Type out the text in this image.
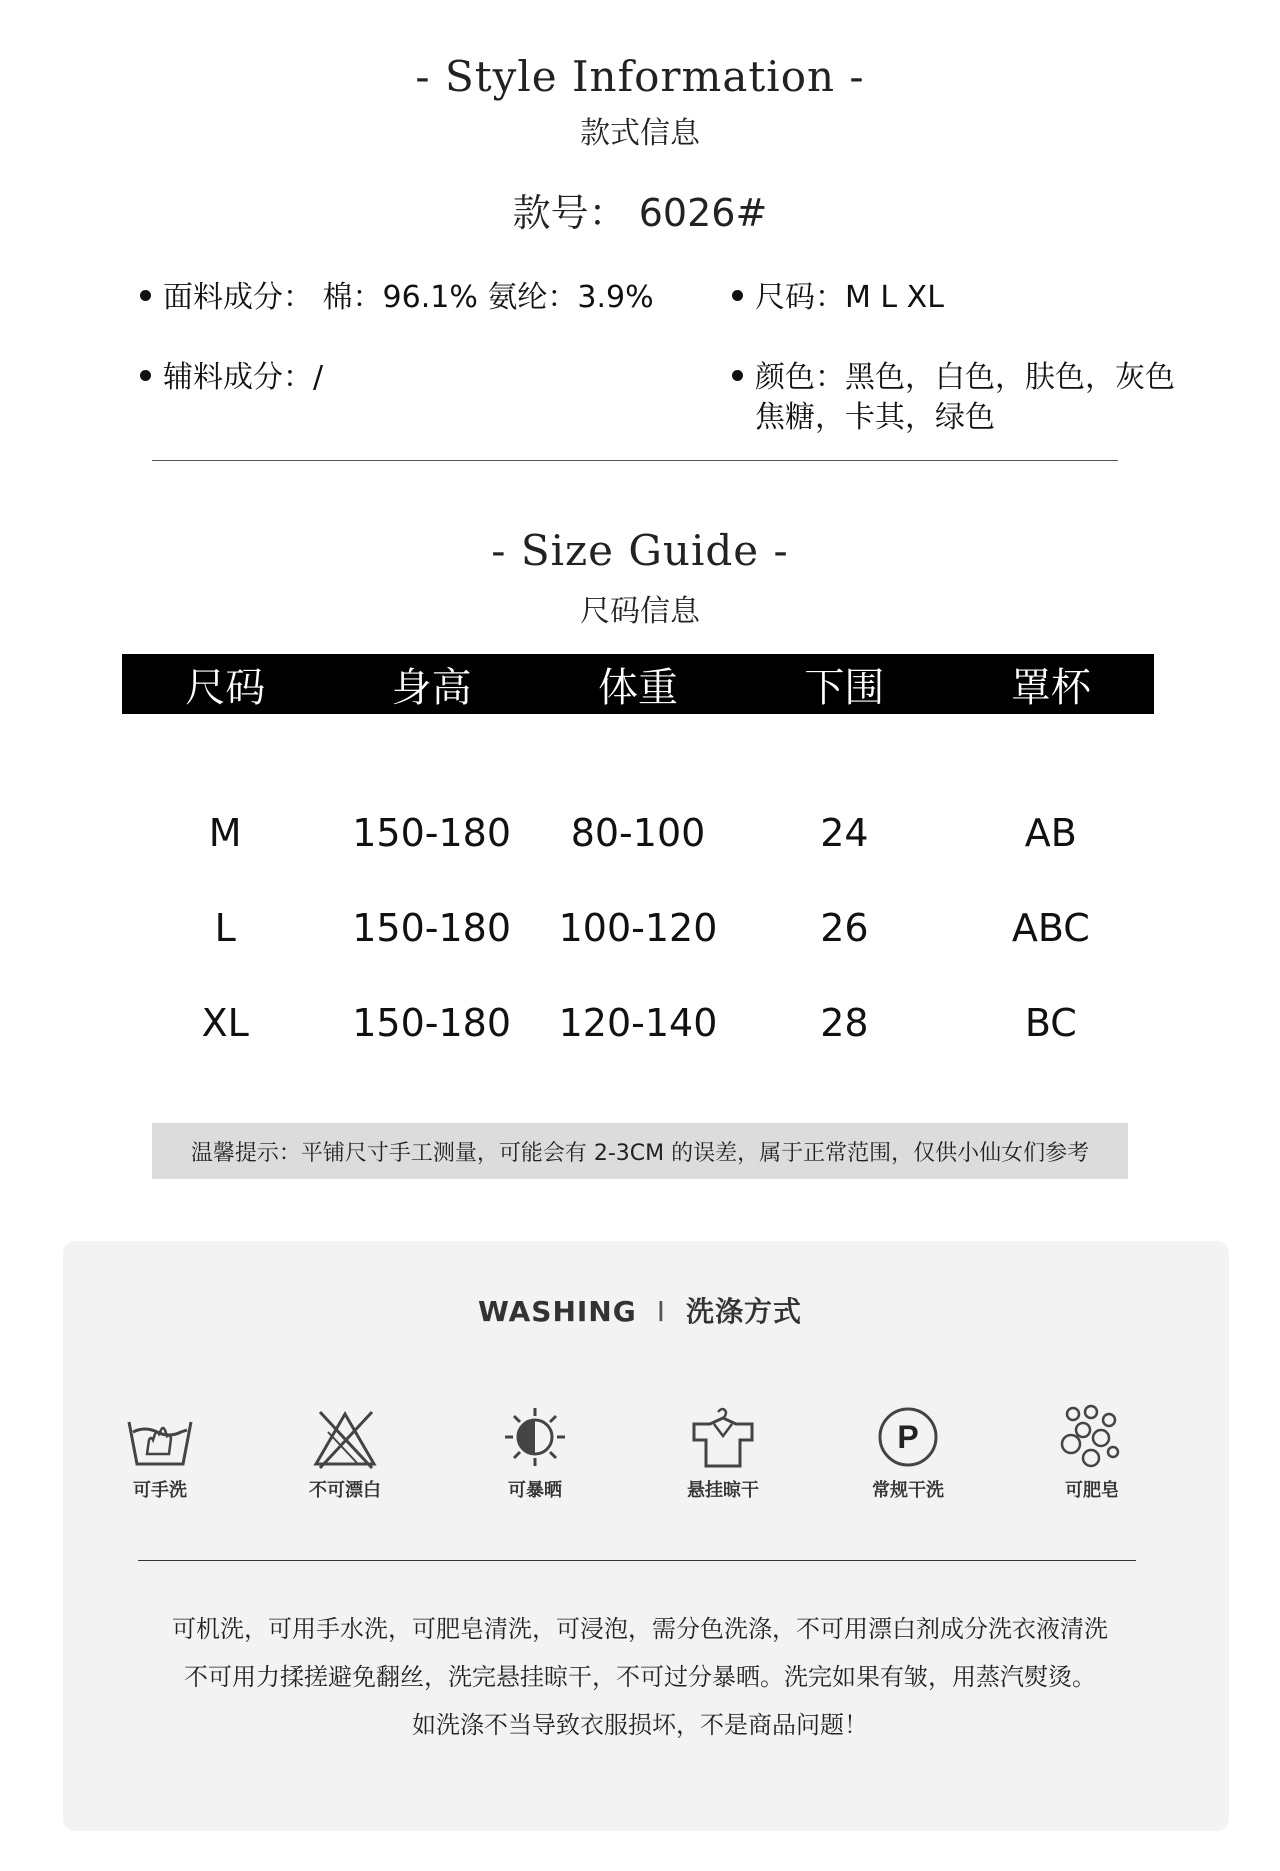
- Style Information -
款式信息
款号： 6026#
面料成分： 棉：96.1% 氨纶：3.9%	尺码：M L XL
辅料成分：/	颜色：黑色，白色，肤色，灰色
焦糖，卡其，绿色
- Size Guide -
尺码信息
尺码	身高	体重	下围	罩杯
M	150-180	80-100	24	AB
L	150-180	100-120	26	ABC
XL	150-180	120-140	28	BC
温馨提示：平铺尺寸手工测量，可能会有 2-3CM 的误差，属于正常范围，仅供小仙女们参考
WASHING I 洗涤方式
可手洗	不可漂白	可暴晒	悬挂晾干
P
常规干洗	可肥皂
可机洗，可用手水洗，可肥皂清洗，可浸泡，需分色洗涤，不可用漂白剂成分洗衣液清洗
不可用力揉搓避免翻丝，洗完悬挂晾干，不可过分暴晒。洗完如果有皱，用蒸汽熨烫。
如洗涤不当导致衣服损坏，不是商品问题！
